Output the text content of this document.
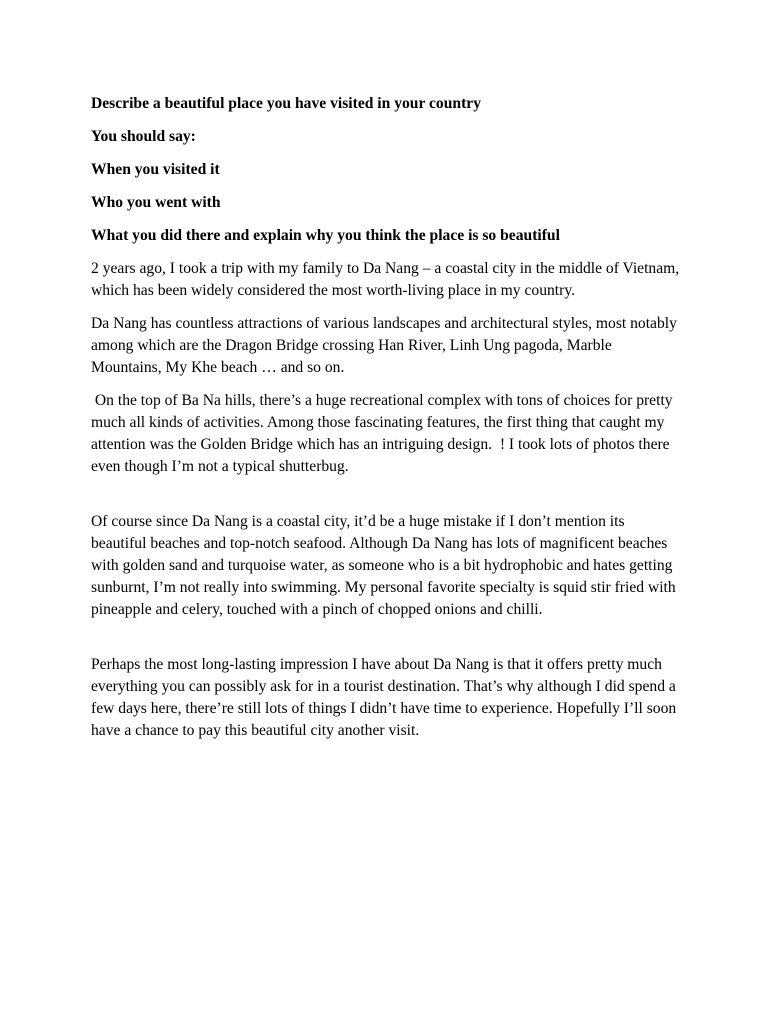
Describe a beautiful place you have visited in your country

You should say:

When you visited it

Who you went with

What you did there and explain why you think the place is so beautiful

2 years ago, I took a trip with my family to Da Nang – a coastal city in the middle of Vietnam, which has been widely considered the most worth-living place in my country.

Da Nang has countless attractions of various landscapes and architectural styles, most notably among which are the Dragon Bridge crossing Han River, Linh Ung pagoda, Marble Mountains, My Khe beach … and so on.

On the top of Ba Na hills, there’s a huge recreational complex with tons of choices for pretty much all kinds of activities. Among those fascinating features, the first thing that caught my attention was the Golden Bridge which has an intriguing design.  ! I took lots of photos there even though I’m not a typical shutterbug.

Of course since Da Nang is a coastal city, it’d be a huge mistake if I don’t mention its beautiful beaches and top-notch seafood. Although Da Nang has lots of magnificent beaches with golden sand and turquoise water, as someone who is a bit hydrophobic and hates getting sunburnt, I’m not really into swimming. My personal favorite specialty is squid stir fried with pineapple and celery, touched with a pinch of chopped onions and chilli.

Perhaps the most long-lasting impression I have about Da Nang is that it offers pretty much everything you can possibly ask for in a tourist destination. That’s why although I did spend a few days here, there’re still lots of things I didn’t have time to experience. Hopefully I’ll soon have a chance to pay this beautiful city another visit.
